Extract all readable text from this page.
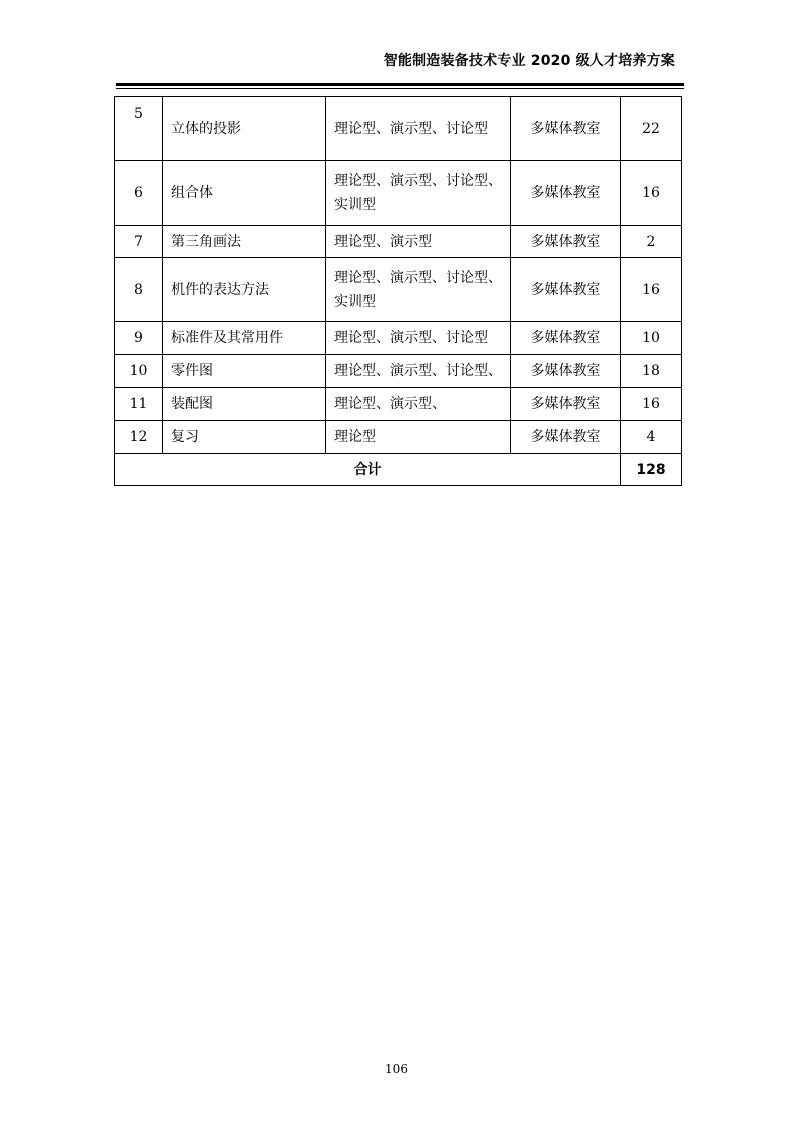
智能制造装备技术专业 2020 级人才培养方案
5	立体的投影	理论型、演示型、讨论型	多媒体教室	22
6	组合体	理论型、演示型、讨论型、实训型	多媒体教室	16
7	第三角画法	理论型、演示型	多媒体教室	2
8	机件的表达方法	理论型、演示型、讨论型、实训型	多媒体教室	16
9	标准件及其常用件	理论型、演示型、讨论型	多媒体教室	10
10	零件图	理论型、演示型、讨论型、	多媒体教室	18
11	装配图	理论型、演示型、	多媒体教室	16
12	复习	理论型	多媒体教室	4
合计				128
106
